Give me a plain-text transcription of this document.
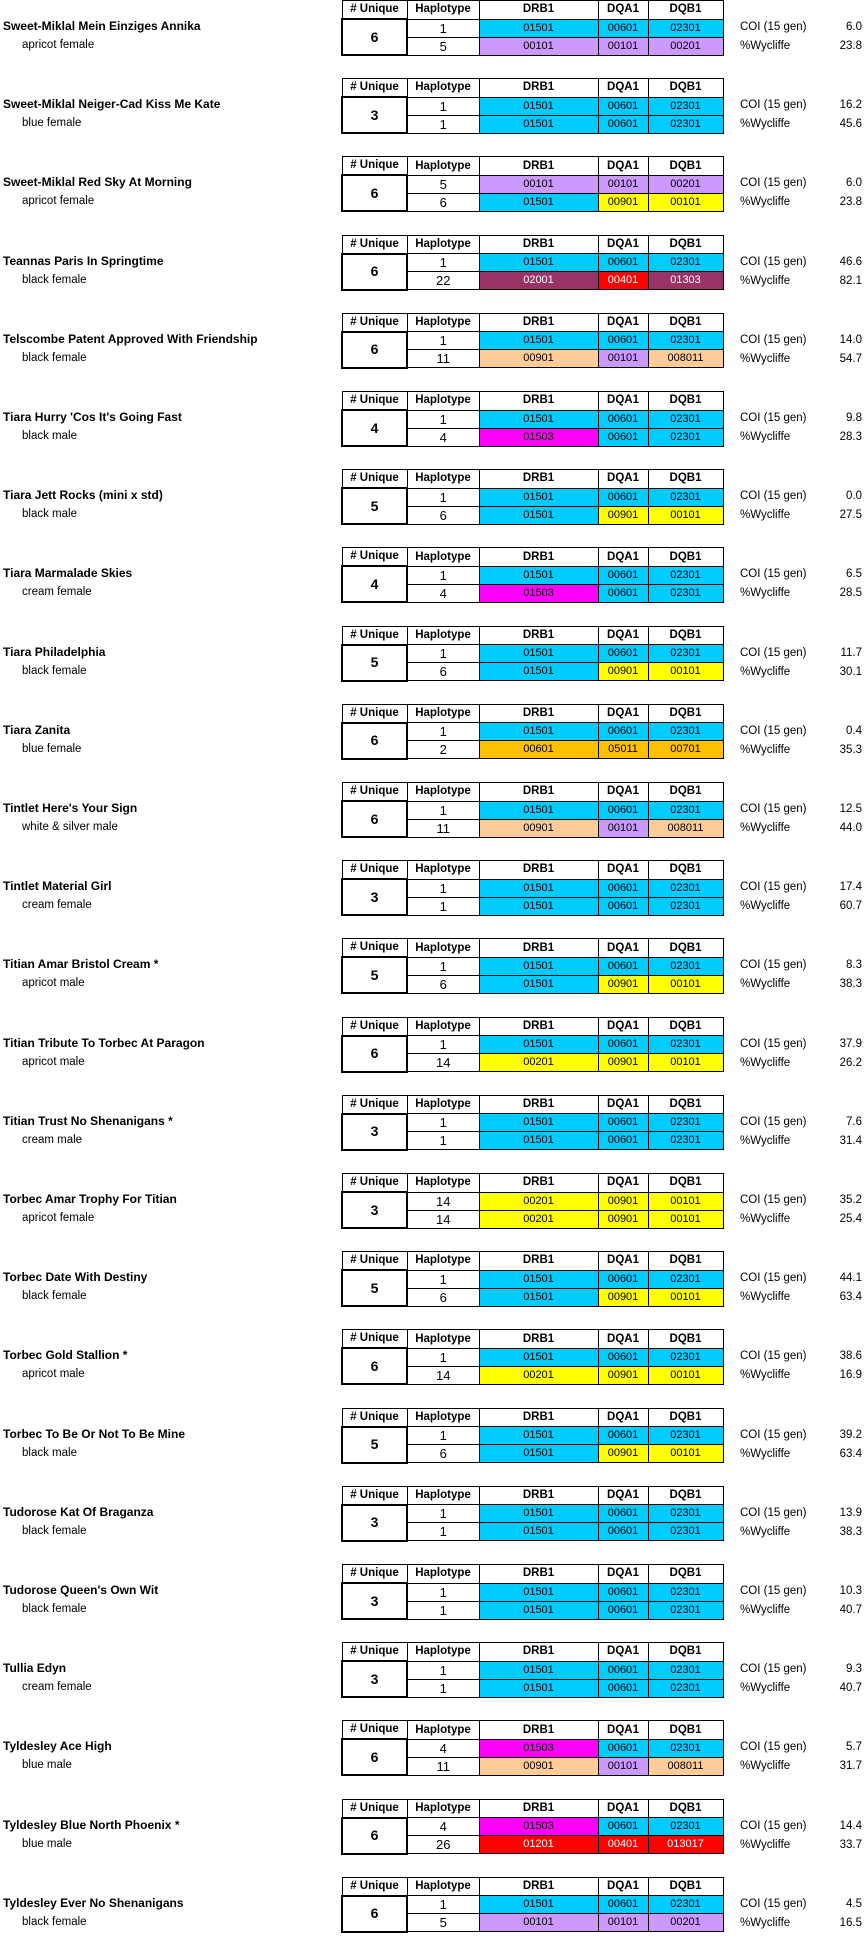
Sweet-Miklal Mein Einziges Annika
apricot female
# Unique	Haplotype	DRB1	DQA1	DQB1
6	1	01501	00601	02301
	5	00101	00101	00201
COI (15 gen)	6.0
%Wycliffe	23.8
Sweet-Miklal Neiger-Cad Kiss Me Kate
blue female
# Unique	Haplotype	DRB1	DQA1	DQB1
3	1	01501	00601	02301
	1	01501	00601	02301
COI (15 gen)	16.2
%Wycliffe	45.6
Sweet-Miklal Red Sky At Morning
apricot female
# Unique	Haplotype	DRB1	DQA1	DQB1
6	5	00101	00101	00201
	6	01501	00901	00101
COI (15 gen)	6.0
%Wycliffe	23.8
Teannas Paris In Springtime
black female
# Unique	Haplotype	DRB1	DQA1	DQB1
6	1	01501	00601	02301
	22	02001	00401	01303
COI (15 gen)	46.6
%Wycliffe	82.1
Telscombe Patent Approved With Friendship
black female
# Unique	Haplotype	DRB1	DQA1	DQB1
6	1	01501	00601	02301
	11	00901	00101	008011
COI (15 gen)	14.0
%Wycliffe	54.7
Tiara Hurry 'Cos It's Going Fast
black male
# Unique	Haplotype	DRB1	DQA1	DQB1
4	1	01501	00601	02301
	4	01503	00601	02301
COI (15 gen)	9.8
%Wycliffe	28.3
Tiara Jett Rocks (mini x std)
black male
# Unique	Haplotype	DRB1	DQA1	DQB1
5	1	01501	00601	02301
	6	01501	00901	00101
COI (15 gen)	0.0
%Wycliffe	27.5
Tiara Marmalade Skies
cream female
# Unique	Haplotype	DRB1	DQA1	DQB1
4	1	01501	00601	02301
	4	01503	00601	02301
COI (15 gen)	6.5
%Wycliffe	28.5
Tiara Philadelphia
black female
# Unique	Haplotype	DRB1	DQA1	DQB1
5	1	01501	00601	02301
	6	01501	00901	00101
COI (15 gen)	11.7
%Wycliffe	30.1
Tiara Zanita
blue female
# Unique	Haplotype	DRB1	DQA1	DQB1
6	1	01501	00601	02301
	2	00601	05011	00701
COI (15 gen)	0.4
%Wycliffe	35.3
Tintlet Here's Your Sign
white & silver male
# Unique	Haplotype	DRB1	DQA1	DQB1
6	1	01501	00601	02301
	11	00901	00101	008011
COI (15 gen)	12.5
%Wycliffe	44.0
Tintlet Material Girl
cream female
# Unique	Haplotype	DRB1	DQA1	DQB1
3	1	01501	00601	02301
	1	01501	00601	02301
COI (15 gen)	17.4
%Wycliffe	60.7
Titian Amar Bristol Cream *
apricot male
# Unique	Haplotype	DRB1	DQA1	DQB1
5	1	01501	00601	02301
	6	01501	00901	00101
COI (15 gen)	8.3
%Wycliffe	38.3
Titian Tribute To Torbec At Paragon
apricot male
# Unique	Haplotype	DRB1	DQA1	DQB1
6	1	01501	00601	02301
	14	00201	00901	00101
COI (15 gen)	37.9
%Wycliffe	26.2
Titian Trust No Shenanigans *
cream male
# Unique	Haplotype	DRB1	DQA1	DQB1
3	1	01501	00601	02301
	1	01501	00601	02301
COI (15 gen)	7.6
%Wycliffe	31.4
Torbec Amar Trophy For Titian
apricot female
# Unique	Haplotype	DRB1	DQA1	DQB1
3	14	00201	00901	00101
	14	00201	00901	00101
COI (15 gen)	35.2
%Wycliffe	25.4
Torbec Date With Destiny
black female
# Unique	Haplotype	DRB1	DQA1	DQB1
5	1	01501	00601	02301
	6	01501	00901	00101
COI (15 gen)	44.1
%Wycliffe	63.4
Torbec Gold Stallion *
apricot male
# Unique	Haplotype	DRB1	DQA1	DQB1
6	1	01501	00601	02301
	14	00201	00901	00101
COI (15 gen)	38.6
%Wycliffe	16.9
Torbec To Be Or Not To Be Mine
black male
# Unique	Haplotype	DRB1	DQA1	DQB1
5	1	01501	00601	02301
	6	01501	00901	00101
COI (15 gen)	39.2
%Wycliffe	63.4
Tudorose Kat Of Braganza
black female
# Unique	Haplotype	DRB1	DQA1	DQB1
3	1	01501	00601	02301
	1	01501	00601	02301
COI (15 gen)	13.9
%Wycliffe	38.3
Tudorose Queen's Own Wit
black female
# Unique	Haplotype	DRB1	DQA1	DQB1
3	1	01501	00601	02301
	1	01501	00601	02301
COI (15 gen)	10.3
%Wycliffe	40.7
Tullia Edyn
cream female
# Unique	Haplotype	DRB1	DQA1	DQB1
3	1	01501	00601	02301
	1	01501	00601	02301
COI (15 gen)	9.3
%Wycliffe	40.7
Tyldesley Ace High
blue male
# Unique	Haplotype	DRB1	DQA1	DQB1
6	4	01503	00601	02301
	11	00901	00101	008011
COI (15 gen)	5.7
%Wycliffe	31.7
Tyldesley Blue North Phoenix *
blue male
# Unique	Haplotype	DRB1	DQA1	DQB1
6	4	01503	00601	02301
	26	01201	00401	013017
COI (15 gen)	14.4
%Wycliffe	33.7
Tyldesley Ever No Shenanigans
black female
# Unique	Haplotype	DRB1	DQA1	DQB1
6	1	01501	00601	02301
	5	00101	00101	00201
COI (15 gen)	4.5
%Wycliffe	16.5
